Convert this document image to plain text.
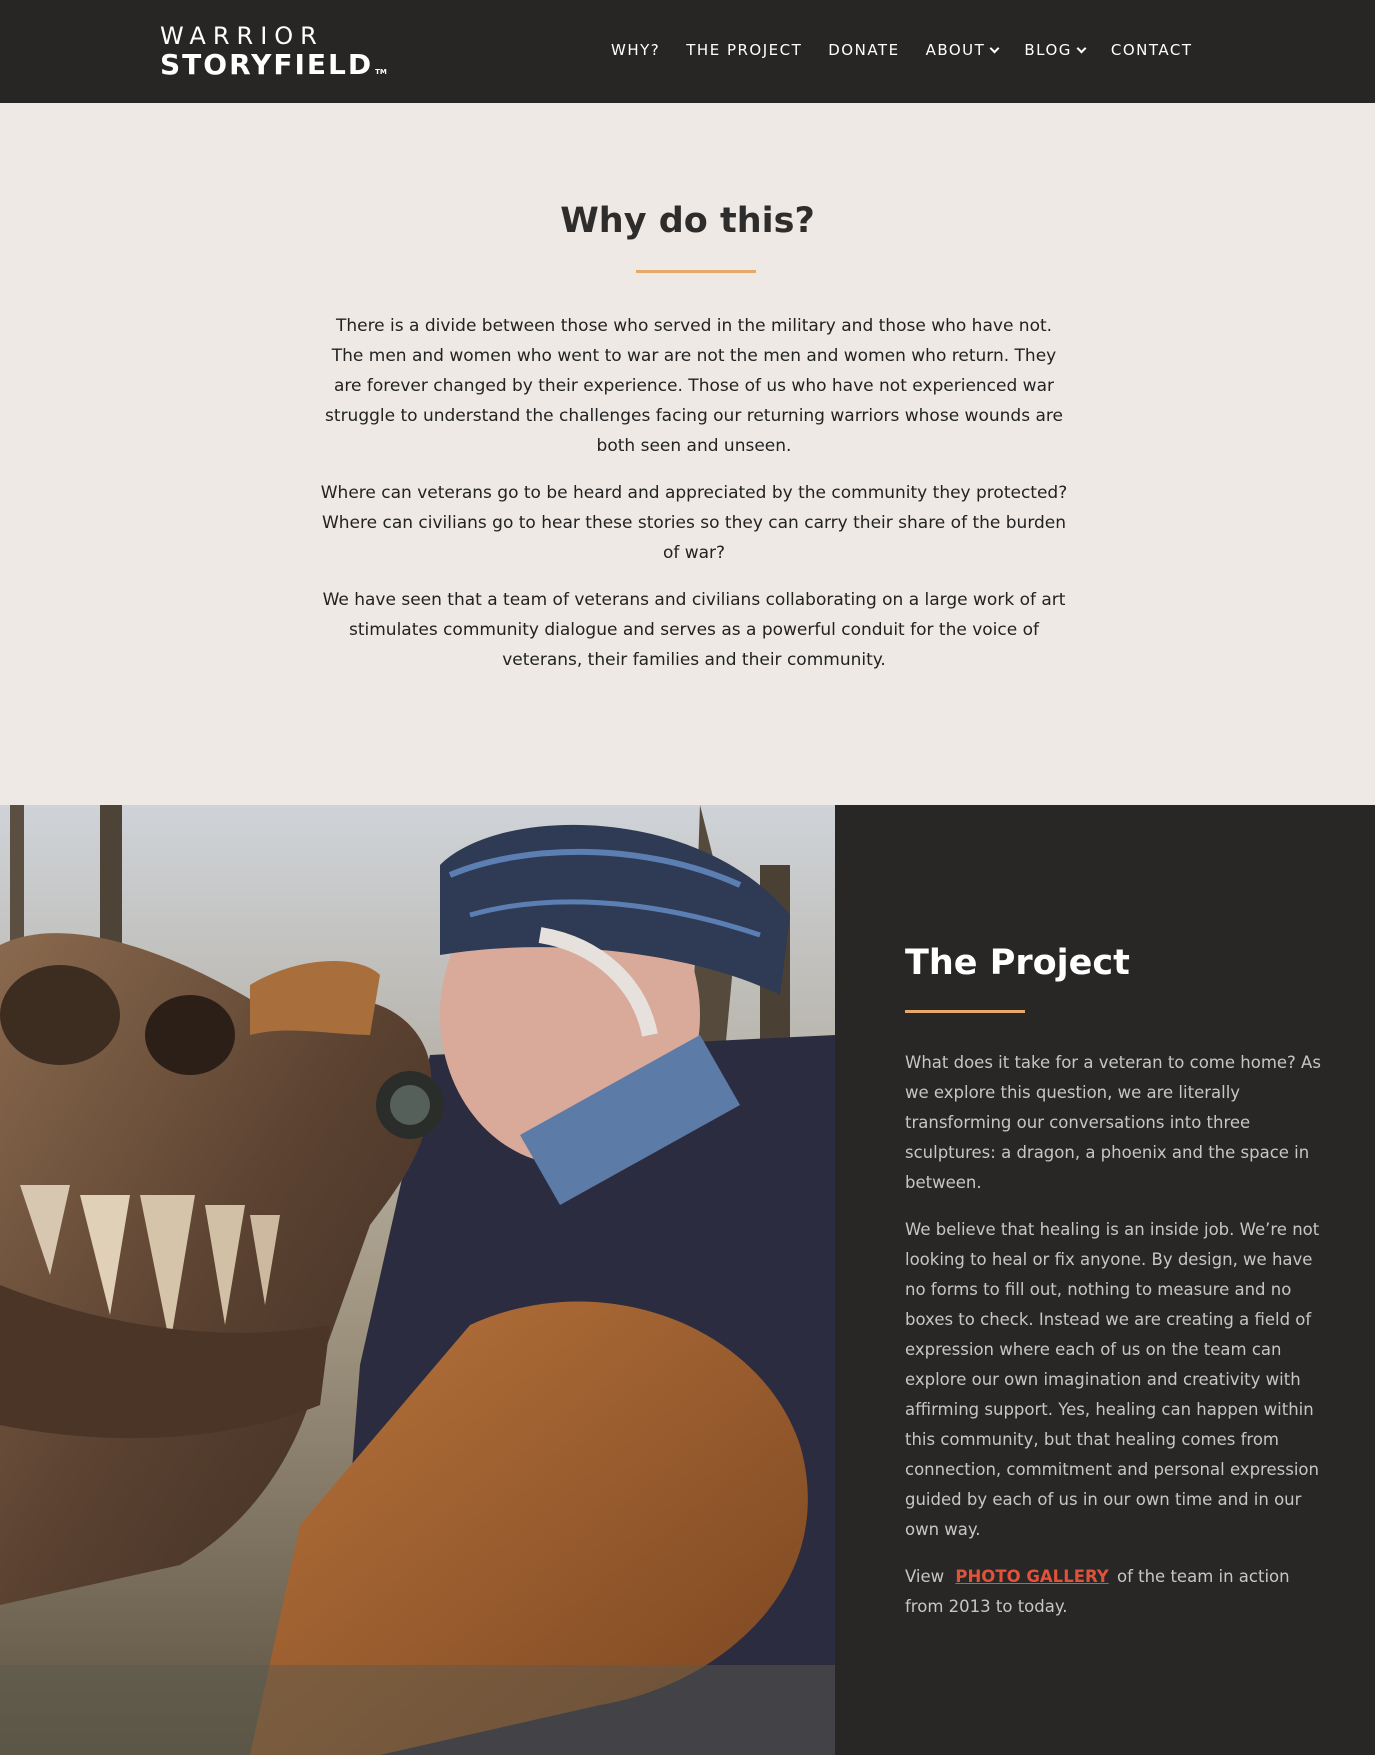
WARRIOR
STORYFIELD TM
WHY? THE PROJECT DONATE ABOUT	BLOG	CONTACT
Why do this?

There is a divide between those who served in the military and those who have not. The men and women who went to war are not the men and women who return. They are forever changed by their experience. Those of us who have not experienced war struggle to understand the challenges facing our returning warriors whose wounds are both seen and unseen.

Where can veterans go to be heard and appreciated by the community they protected? Where can civilians go to hear these stories so they can carry their share of the burden of war?

We have seen that a team of veterans and civilians collaborating on a large work of art stimulates community dialogue and serves as a powerful conduit for the voice of veterans, their families and their community.

The Project

What does it take for a veteran to come home? As we explore this question, we are literally transforming our conversations into three sculptures: a dragon, a phoenix and the space in between.

We believe that healing is an inside job. We’re not looking to heal or fix anyone. By design, we have no forms to fill out, nothing to measure and no boxes to check. Instead we are creating a field of expression where each of us on the team can explore our own imagination and creativity with affirming support. Yes, healing can happen within this community, but that healing comes from connection, commitment and personal expression guided by each of us in our own time and in our own way.

View PHOTO GALLERY of the team in action from 2013 to today.
